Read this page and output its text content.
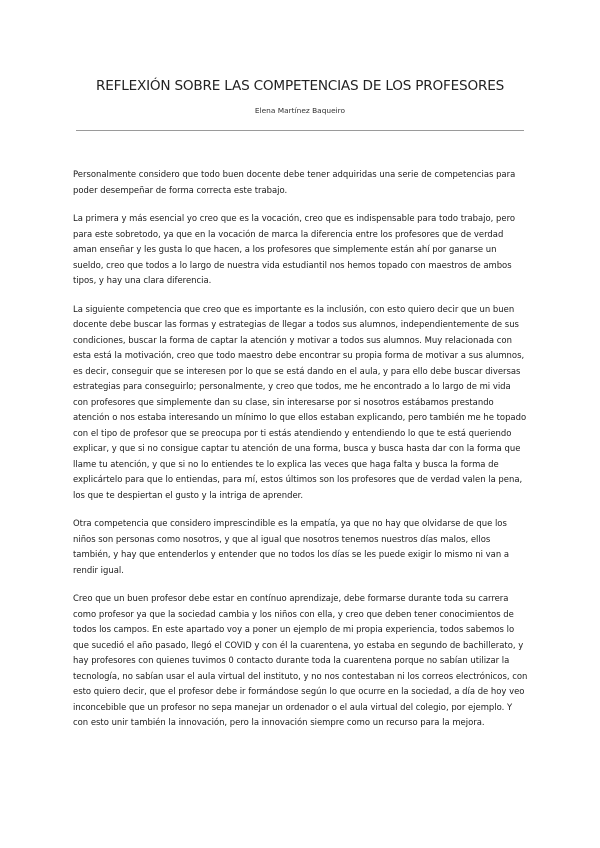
REFLEXIÓN SOBRE LAS COMPETENCIAS DE LOS PROFESORES

Elena Martínez Baqueiro

Personalmente considero que todo buen docente debe tener adquiridas una serie de competencias para poder desempeñar de forma correcta este trabajo.

La primera y más esencial yo creo que es la vocación, creo que es indispensable para todo trabajo, pero para este sobretodo, ya que en la vocación de marca la diferencia entre los profesores que de verdad aman enseñar y les gusta lo que hacen, a los profesores que simplemente están ahí por ganarse un sueldo, creo que todos a lo largo de nuestra vida estudiantil nos hemos topado con maestros de ambos tipos, y hay una clara diferencia.

La siguiente competencia que creo que es importante es la inclusión, con esto quiero decir que un buen docente debe buscar las formas y estrategias de llegar a todos sus alumnos, independientemente de sus condiciones, buscar la forma de captar la atención y motivar a todos sus alumnos. Muy relacionada con esta está la motivación, creo que todo maestro debe encontrar su propia forma de motivar a sus alumnos, es decir, conseguir que se interesen por lo que se está dando en el aula, y para ello debe buscar diversas estrategias para conseguirlo; personalmente, y creo que todos, me he encontrado a lo largo de mi vida con profesores que simplemente dan su clase, sin interesarse por si nosotros estábamos prestando atención o nos estaba interesando un mínimo lo que ellos estaban explicando, pero también me he topado con el tipo de profesor que se preocupa por ti estás atendiendo y entendiendo lo que te está queriendo explicar, y que si no consigue captar tu atención de una forma, busca y busca hasta dar con la forma que llame tu atención, y que si no lo entiendes te lo explica las veces que haga falta y busca la forma de explicártelo para que lo entiendas, para mí, estos últimos son los profesores que de verdad valen la pena, los que te despiertan el gusto y la intriga de aprender.

Otra competencia que considero imprescindible es la empatía, ya que no hay que olvidarse de que los niños son personas como nosotros, y que al igual que nosotros tenemos nuestros días malos, ellos también, y hay que entenderlos y entender que no todos los días se les puede exigir lo mismo ni van a rendir igual.

Creo que un buen profesor debe estar en contínuo aprendizaje, debe formarse durante toda su carrera como profesor ya que la sociedad cambia y los niños con ella, y creo que deben tener conocimientos de todos los campos. En este apartado voy a poner un ejemplo de mi propia experiencia, todos sabemos lo que sucedió el año pasado, llegó el COVID y con él la cuarentena, yo estaba en segundo de bachillerato, y hay profesores con quienes tuvimos 0 contacto durante toda la cuarentena porque no sabían utilizar la tecnología, no sabían usar el aula virtual del instituto, y no nos contestaban ni los correos electrónicos, con esto quiero decir, que el profesor debe ir formándose según lo que ocurre en la sociedad, a día de hoy veo inconcebible que un profesor no sepa manejar un ordenador o el aula virtual del colegio, por ejemplo. Y con esto unir también la innovación, pero la innovación siempre como un recurso para la mejora.
